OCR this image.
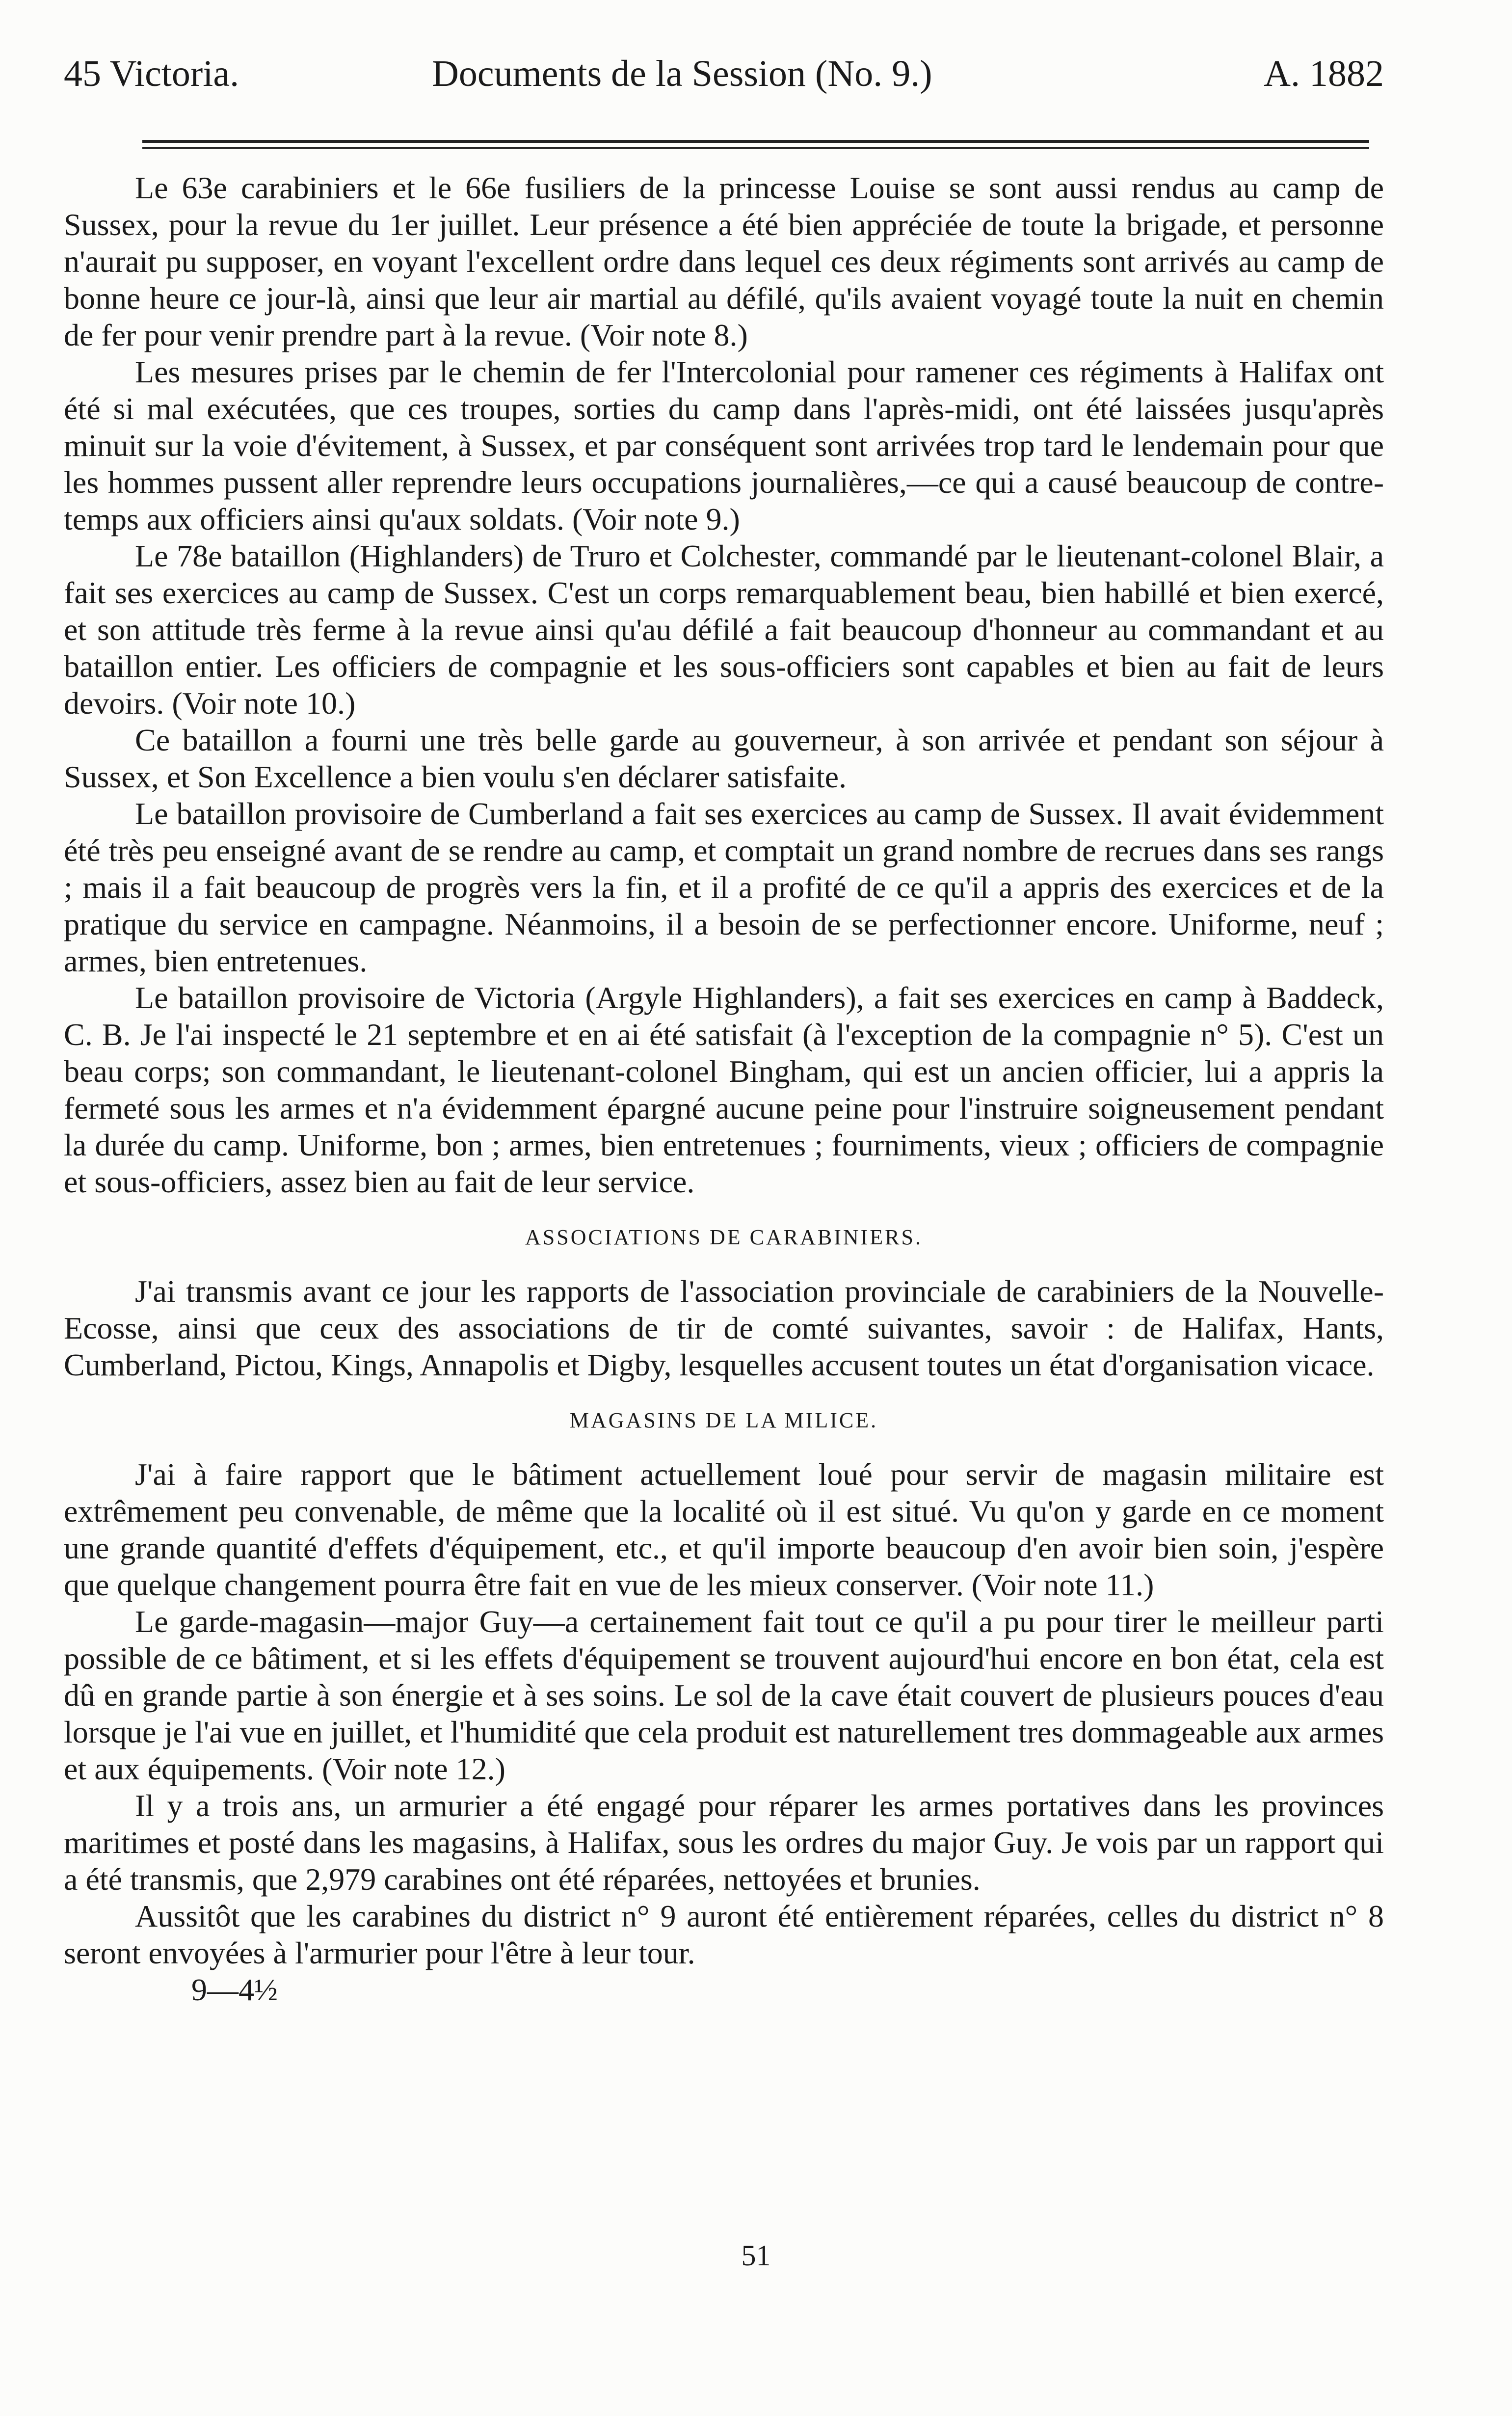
45 Victoria.	Documents de la Session (No. 9.)	A. 1882

Le 63e carabiniers et le 66e fusiliers de la princesse Louise se sont aussi rendus au camp de Sussex, pour la revue du 1er juillet. Leur présence a été bien appréciée de toute la brigade, et personne n'aurait pu supposer, en voyant l'excellent ordre dans lequel ces deux régiments sont arrivés au camp de bonne heure ce jour-là, ainsi que leur air martial au défilé, qu'ils avaient voyagé toute la nuit en chemin de fer pour venir prendre part à la revue. (Voir note 8.)

Les mesures prises par le chemin de fer l'Intercolonial pour ramener ces régiments à Halifax ont été si mal exécutées, que ces troupes, sorties du camp dans l'après-midi, ont été laissées jusqu'après minuit sur la voie d'évitement, à Sussex, et par conséquent sont arrivées trop tard le lendemain pour que les hommes pussent aller reprendre leurs occupations journalières,—ce qui a causé beaucoup de contre-temps aux officiers ainsi qu'aux soldats. (Voir note 9.)

Le 78e bataillon (Highlanders) de Truro et Colchester, commandé par le lieutenant-colonel Blair, a fait ses exercices au camp de Sussex. C'est un corps remarquablement beau, bien habillé et bien exercé, et son attitude très ferme à la revue ainsi qu'au défilé a fait beaucoup d'honneur au commandant et au bataillon entier. Les officiers de compagnie et les sous-officiers sont capables et bien au fait de leurs devoirs. (Voir note 10.)

Ce bataillon a fourni une très belle garde au gouverneur, à son arrivée et pendant son séjour à Sussex, et Son Excellence a bien voulu s'en déclarer satisfaite.

Le bataillon provisoire de Cumberland a fait ses exercices au camp de Sussex. Il avait évidemment été très peu enseigné avant de se rendre au camp, et comptait un grand nombre de recrues dans ses rangs ; mais il a fait beaucoup de progrès vers la fin, et il a profité de ce qu'il a appris des exercices et de la pratique du service en campagne. Néanmoins, il a besoin de se perfectionner encore. Uniforme, neuf ; armes, bien entretenues.

Le bataillon provisoire de Victoria (Argyle Highlanders), a fait ses exercices en camp à Baddeck, C. B. Je l'ai inspecté le 21 septembre et en ai été satisfait (à l'exception de la compagnie n° 5). C'est un beau corps; son commandant, le lieutenant-colonel Bingham, qui est un ancien officier, lui a appris la fermeté sous les armes et n'a évidemment épargné aucune peine pour l'instruire soigneusement pendant la durée du camp. Uniforme, bon ; armes, bien entretenues ; fourniments, vieux ; officiers de compagnie et sous-officiers, assez bien au fait de leur service.

ASSOCIATIONS DE CARABINIERS.

J'ai transmis avant ce jour les rapports de l'association provinciale de carabiniers de la Nouvelle-Ecosse, ainsi que ceux des associations de tir de comté suivantes, savoir : de Halifax, Hants, Cumberland, Pictou, Kings, Annapolis et Digby, lesquelles accusent toutes un état d'organisation vicace.

MAGASINS DE LA MILICE.

J'ai à faire rapport que le bâtiment actuellement loué pour servir de magasin militaire est extrêmement peu convenable, de même que la localité où il est situé. Vu qu'on y garde en ce moment une grande quantité d'effets d'équipement, etc., et qu'il importe beaucoup d'en avoir bien soin, j'espère que quelque changement pourra être fait en vue de les mieux conserver. (Voir note 11.)

Le garde-magasin—major Guy—a certainement fait tout ce qu'il a pu pour tirer le meilleur parti possible de ce bâtiment, et si les effets d'équipement se trouvent aujourd'hui encore en bon état, cela est dû en grande partie à son énergie et à ses soins. Le sol de la cave était couvert de plusieurs pouces d'eau lorsque je l'ai vue en juillet, et l'humidité que cela produit est naturellement tres dommageable aux armes et aux équipements. (Voir note 12.)

Il y a trois ans, un armurier a été engagé pour réparer les armes portatives dans les provinces maritimes et posté dans les magasins, à Halifax, sous les ordres du major Guy. Je vois par un rapport qui a été transmis, que 2,979 carabines ont été réparées, nettoyées et brunies.

Aussitôt que les carabines du district n° 9 auront été entièrement réparées, celles du district n° 8 seront envoyées à l'armurier pour l'être à leur tour.

9—4½
51
